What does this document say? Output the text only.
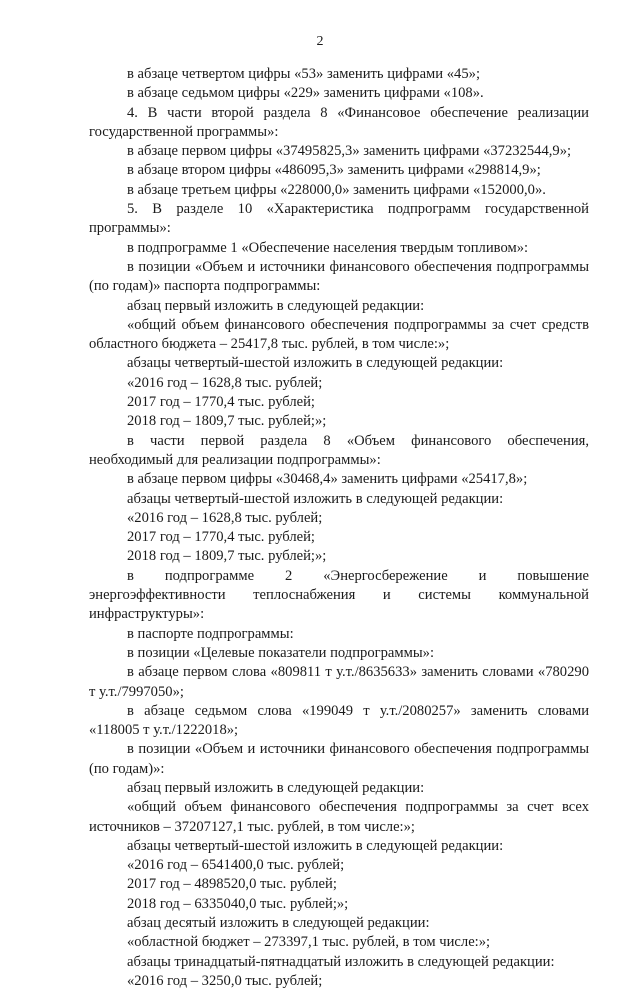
2

в абзаце четвертом цифры «53» заменить цифрами «45»;

в абзаце седьмом цифры «229» заменить цифрами «108».

4. В части второй раздела 8 «Финансовое обеспечение реализации государственной программы»:

в абзаце первом цифры «37495825,3» заменить цифрами «37232544,9»;

в абзаце втором цифры «486095,3» заменить цифрами «298814,9»;

в абзаце третьем цифры «228000,0» заменить цифрами «152000,0».

5. В разделе 10 «Характеристика подпрограмм государственной программы»:

в подпрограмме 1 «Обеспечение населения твердым топливом»:

в позиции «Объем и источники финансового обеспечения подпрограммы (по годам)» паспорта подпрограммы:

абзац первый изложить в следующей редакции:

«общий объем финансового обеспечения подпрограммы за счет средств областного бюджета – 25417,8 тыс. рублей, в том числе:»;

абзацы четвертый-шестой изложить в следующей редакции:

«2016 год – 1628,8 тыс. рублей;

2017 год – 1770,4 тыс. рублей;

2018 год – 1809,7 тыс. рублей;»;

в части первой раздела 8 «Объем финансового обеспечения, необходимый для реализации подпрограммы»:

в абзаце первом цифры «30468,4» заменить цифрами «25417,8»;

абзацы четвертый-шестой изложить в следующей редакции:

«2016 год – 1628,8 тыс. рублей;

2017 год – 1770,4 тыс. рублей;

2018 год – 1809,7 тыс. рублей;»;

в подпрограмме 2 «Энергосбережение и повышение энергоэффективности теплоснабжения и системы коммунальной инфраструктуры»:

в паспорте подпрограммы:

в позиции «Целевые показатели подпрограммы»:

в абзаце первом слова «809811 т у.т./8635633» заменить словами «780290 т у.т./7997050»;

в абзаце седьмом слова «199049 т у.т./2080257» заменить словами «118005 т у.т./1222018»;

в позиции «Объем и источники финансового обеспечения подпрограммы (по годам)»:

абзац первый изложить в следующей редакции:

«общий объем финансового обеспечения подпрограммы за счет всех источников – 37207127,1 тыс. рублей, в том числе:»;

абзацы четвертый-шестой изложить в следующей редакции:

«2016 год – 6541400,0 тыс. рублей;

2017 год – 4898520,0 тыс. рублей;

2018 год – 6335040,0 тыс. рублей;»;

абзац десятый изложить в следующей редакции:

«областной бюджет – 273397,1 тыс. рублей, в том числе:»;

абзацы тринадцатый-пятнадцатый изложить в следующей редакции:

«2016 год – 3250,0 тыс. рублей;
